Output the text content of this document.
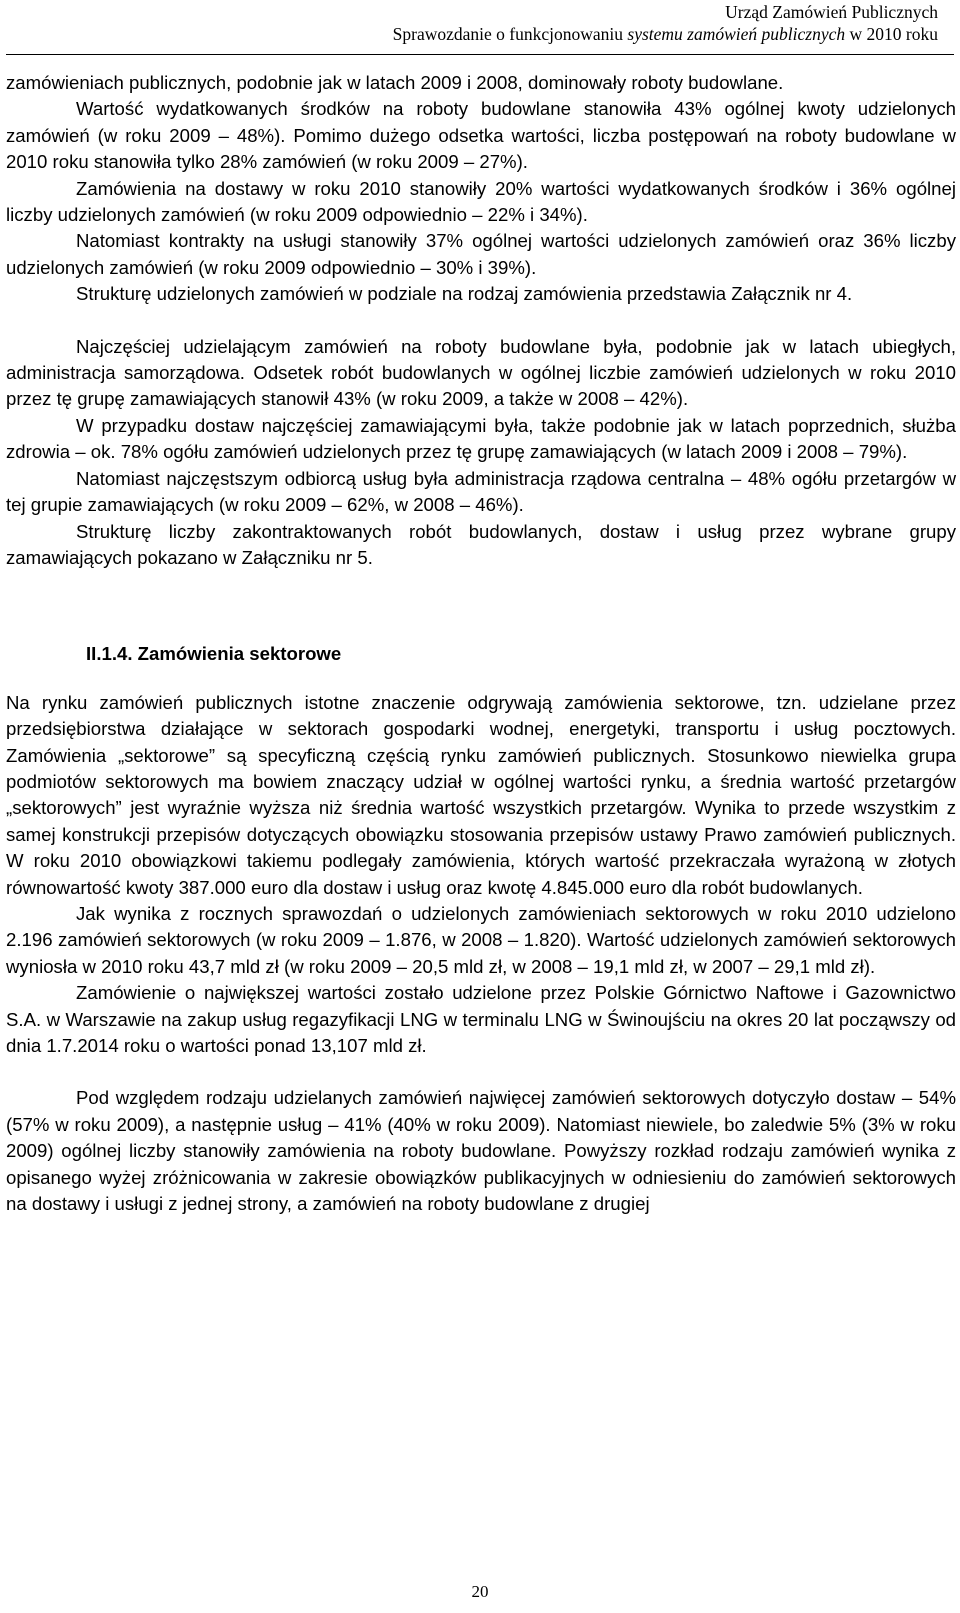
Urząd Zamówień Publicznych
Sprawozdanie o funkcjonowaniu systemu zamówień publicznych w 2010 roku

zamówieniach publicznych, podobnie jak w latach 2009 i 2008, dominowały roboty budowlane.

Wartość wydatkowanych środków na roboty budowlane stanowiła 43% ogólnej kwoty udzielonych zamówień (w roku 2009 – 48%). Pomimo dużego odsetka wartości, liczba postępowań na roboty budowlane w 2010 roku stanowiła tylko 28% zamówień (w roku 2009 – 27%).

Zamówienia na dostawy w roku 2010 stanowiły 20% wartości wydatkowanych środków i 36% ogólnej liczby udzielonych zamówień (w roku 2009 odpowiednio – 22% i 34%).

Natomiast kontrakty na usługi stanowiły 37% ogólnej wartości udzielonych zamówień oraz 36% liczby udzielonych zamówień (w roku 2009 odpowiednio – 30% i 39%).

Strukturę udzielonych zamówień w podziale na rodzaj zamówienia przedstawia Załącznik nr 4.

Najczęściej udzielającym zamówień na roboty budowlane była, podobnie jak w latach ubiegłych, administracja samorządowa. Odsetek robót budowlanych w ogólnej liczbie zamówień udzielonych w roku 2010 przez tę grupę zamawiających stanowił 43% (w roku 2009, a także w 2008 – 42%).

W przypadku dostaw najczęściej zamawiającymi była, także podobnie jak w latach poprzednich, służba zdrowia – ok. 78% ogółu zamówień udzielonych przez tę grupę zamawiających (w latach 2009 i 2008 – 79%).

Natomiast najczęstszym odbiorcą usług była administracja rządowa centralna – 48% ogółu przetargów w tej grupie zamawiających (w roku 2009 – 62%, w 2008 – 46%).

Strukturę liczby zakontraktowanych robót budowlanych, dostaw i usług przez wybrane grupy zamawiających pokazano w Załączniku nr 5.

II.1.4. Zamówienia sektorowe

Na rynku zamówień publicznych istotne znaczenie odgrywają zamówienia sektorowe, tzn. udzielane przez przedsiębiorstwa działające w sektorach gospodarki wodnej, energetyki, transportu i usług pocztowych. Zamówienia „sektorowe” są specyficzną częścią rynku zamówień publicznych. Stosunkowo niewielka grupa podmiotów sektorowych ma bowiem znaczący udział w ogólnej wartości rynku, a średnia wartość przetargów „sektorowych” jest wyraźnie wyższa niż średnia wartość wszystkich przetargów. Wynika to przede wszystkim z samej konstrukcji przepisów dotyczących obowiązku stosowania przepisów ustawy Prawo zamówień publicznych. W roku 2010 obowiązkowi takiemu podlegały zamówienia, których wartość przekraczała wyrażoną w złotych równowartość kwoty 387.000 euro dla dostaw i usług oraz kwotę 4.845.000 euro dla robót budowlanych.

Jak wynika z rocznych sprawozdań o udzielonych zamówieniach sektorowych w roku 2010 udzielono 2.196 zamówień sektorowych (w roku 2009 – 1.876, w 2008 – 1.820). Wartość udzielonych zamówień sektorowych wyniosła w 2010 roku 43,7 mld zł (w roku 2009 – 20,5 mld zł, w 2008 – 19,1 mld zł, w 2007 – 29,1 mld zł).

Zamówienie o największej wartości zostało udzielone przez Polskie Górnictwo Naftowe i Gazownictwo S.A. w Warszawie na zakup usług regazyfikacji LNG w terminalu LNG w Świnoujściu na okres 20 lat począwszy od dnia 1.7.2014 roku o wartości ponad 13,107 mld zł.

Pod względem rodzaju udzielanych zamówień najwięcej zamówień sektorowych dotyczyło dostaw – 54% (57% w roku 2009), a następnie usług – 41% (40% w roku 2009). Natomiast niewiele, bo zaledwie 5% (3% w roku 2009) ogólnej liczby stanowiły zamówienia na roboty budowlane. Powyższy rozkład rodzaju zamówień wynika z opisanego wyżej zróżnicowania w zakresie obowiązków publikacyjnych w odniesieniu do zamówień sektorowych na dostawy i usługi z jednej strony, a zamówień na roboty budowlane z drugiej

20
